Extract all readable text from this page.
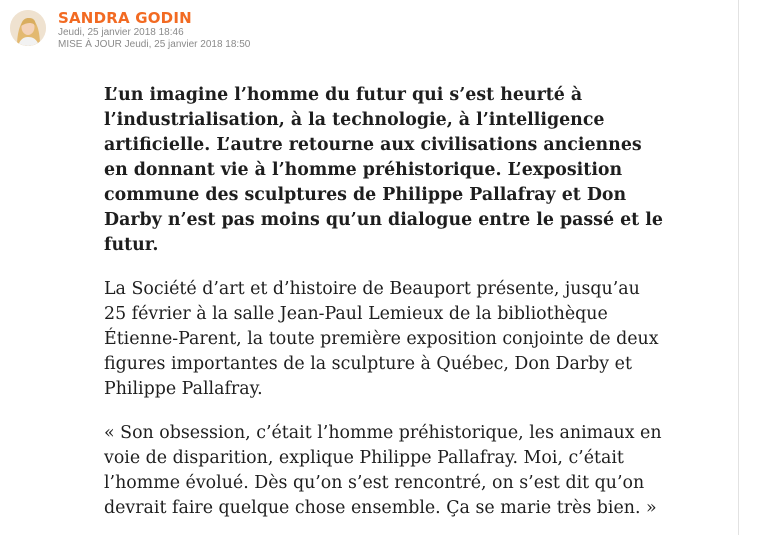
SANDRA GODIN
Jeudi, 25 janvier 2018 18:46
MISE À JOUR Jeudi, 25 janvier 2018 18:50

L’un imagine l’homme du futur qui s’est heurté à l’industrialisation, à la technologie, à l’intelligence artificielle. L’autre retourne aux civilisations anciennes en donnant vie à l’homme préhistorique. L’exposition commune des sculptures de Philippe Pallafray et Don Darby n’est pas moins qu’un dialogue entre le passé et le futur.

La Société d’art et d’histoire de Beauport présente, jusqu’au 25 février à la salle Jean-Paul Lemieux de la bibliothèque Étienne-Parent, la toute première exposition conjointe de deux figures importantes de la sculpture à Québec, Don Darby et Philippe Pallafray.

« Son obsession, c’était l’homme préhistorique, les animaux en voie de disparition, explique Philippe Pallafray. Moi, c’était l’homme évolué. Dès qu’on s’est rencontré, on s’est dit qu’on devrait faire quelque chose ensemble. Ça se marie très bien. »
